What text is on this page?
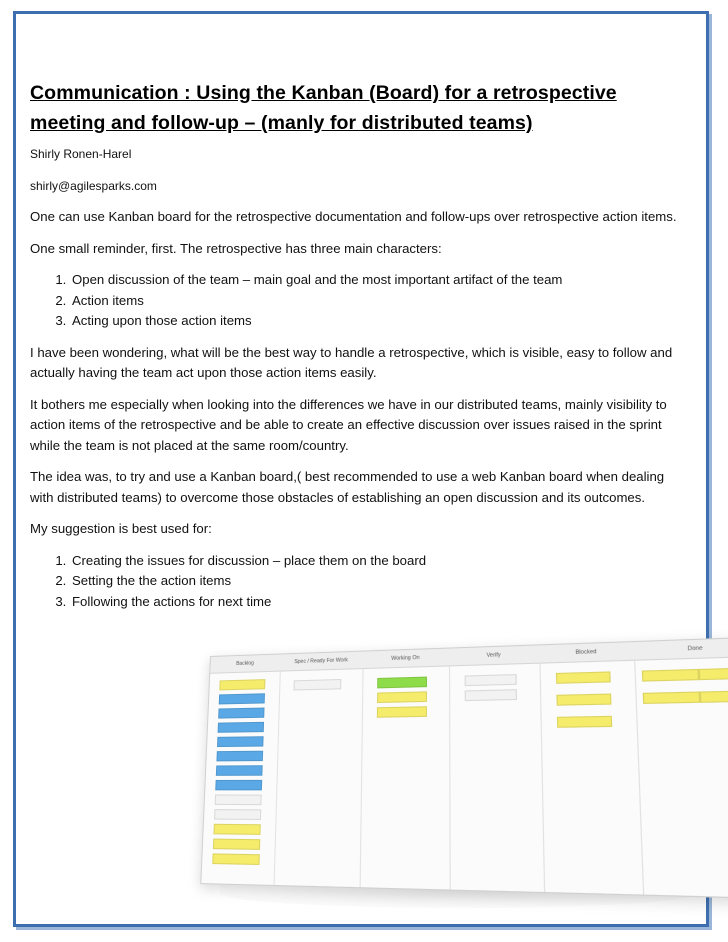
Communication : Using the Kanban (Board) for a retrospective meeting and follow-up – (manly for distributed teams)

Shirly Ronen-Harel

shirly@agilesparks.com

One can use Kanban board for the retrospective documentation and follow-ups over retrospective action items.

One small reminder, first. The retrospective has three main characters:

1. Open discussion of the team – main goal and the most important artifact of the team
2. Action items
3. Acting upon those action items

I have been wondering, what will be the best way to handle a retrospective, which is visible, easy to follow and actually having the team act upon those action items easily.

It bothers me especially when looking into the differences we have in our distributed teams, mainly visibility to action items of the retrospective and be able to create an effective discussion over issues raised in the sprint while the team is not placed at the same room/country.

The idea was, to try and use a Kanban board,( best recommended to use a web Kanban board when dealing with distributed teams) to overcome those obstacles of establishing an open discussion and its outcomes.

My suggestion is best used for:

1. Creating the issues for discussion – place them on the board
2. Setting the the action items
3. Following the actions for next time
Backlog	Spec / Ready For Work	Working On	Verify	Blocked	Done
